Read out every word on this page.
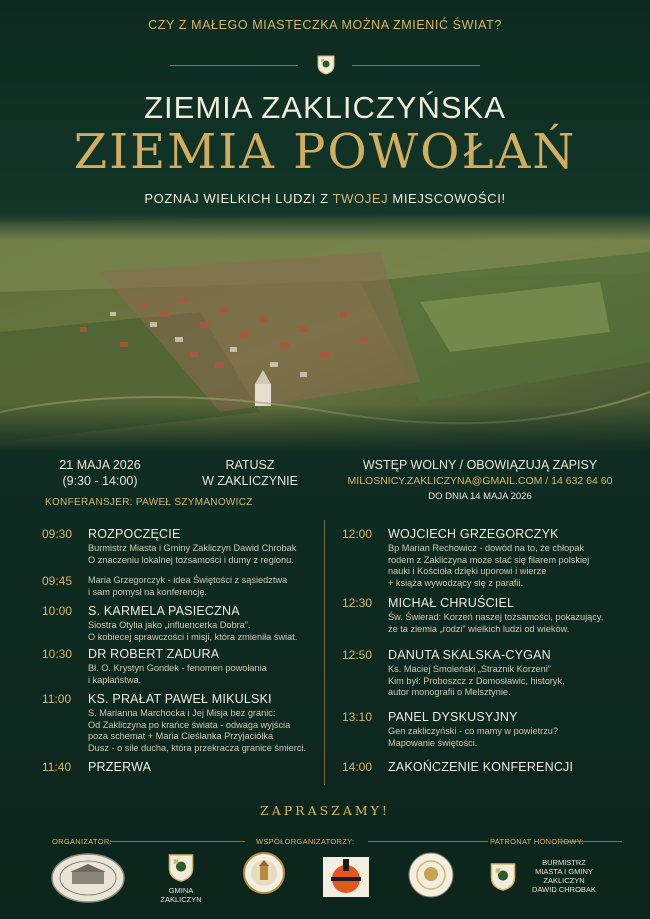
CZY Z MAŁEGO MIASTECZKA MOŻNA ZMIENIĆ ŚWIAT?
ZIEMIA ZAKLICZYŃSKA
ZIEMIA POWOŁAŃ
POZNAJ WIELKICH LUDZI Z TWOJEJ MIEJSCOWOŚCI!
21 MAJA 2026
(9:30 - 14:00)
RATUSZ
W ZAKLICZYNIE
WSTĘP WOLNY / OBOWIĄZUJĄ ZAPISY
MILOSNICY.ZAKLICZYNA@GMAIL.COM / 14 632 64 60
DO DNIA 14 MAJA 2026
KONFERANSJER: PAWEŁ SZYMANOWICZ
09:30 ROZPOCZĘCIE
Burmistrz Miasta i Gminy Zakliczyn Dawid Chrobak
O znaczeniu lokalnej tożsamości i dumy z regionu.
09:45 Maria Grzegorczyk - idea Świętości z sąsiedztwa
i sam pomysł na konferencję.
10:00 S. KARMELA PASIECZNA
Siostra Otylia jako „influencerka Dobra”.
O kobiecej sprawczości i misji, która zmieniła świat.
10:30 DR ROBERT ZADURA
Bł. O. Krystyn Gondek - fenomen powołania
i kapłaństwa.
11:00 KS. PRAŁAT PAWEŁ MIKULSKI
S. Marianna Marchocka i Jej Misja bez granic:
Od Zakliczyna po krańce świata - odwaga wyjścia
poza schemat + Maria Cieślanka Przyjaciółka
Dusz - o sile ducha, która przekracza granice śmierci.
11:40 PRZERWA
12:00 WOJCIECH GRZEGORCZYK
Bp Marian Rechowicz - dowód na to, że chłopak
rodem z Zakliczyna może stać się filarem polskiej
nauki i Kościoła dzięki uporowi i wierze
+ książa wywodzący się z parafii.
12:30 MICHAŁ CHRUŚCIEL
Św. Świerad: Korzeń naszej tożsamości, pokazujący,
że ta ziemia „rodzi” wielkich ludzi od wieków.
12:50 DANUTA SKALSKA-CYGAN
Ks. Maciej Smoleński „Strażnik Korzeni”
Kim był: Proboszcz z Domosławic, historyk,
autor monografii o Melsztynie.
13:10 PANEL DYSKUSYJNY
Gen zakliczyński - co mamy w powietrzu?
Mapowanie świętości.
14:00 ZAKOŃCZENIE KONFERENCJI
ZAPRASZAMY!
ORGANIZATOR:	WSPÓŁORGANIZATORZY:	PATRONAT HONOROWY:
GMINA
ZAKLICZYN
BURMISTRZ
MIASTA I GMINY
ZAKLICZYN
DAWID CHROBAK
